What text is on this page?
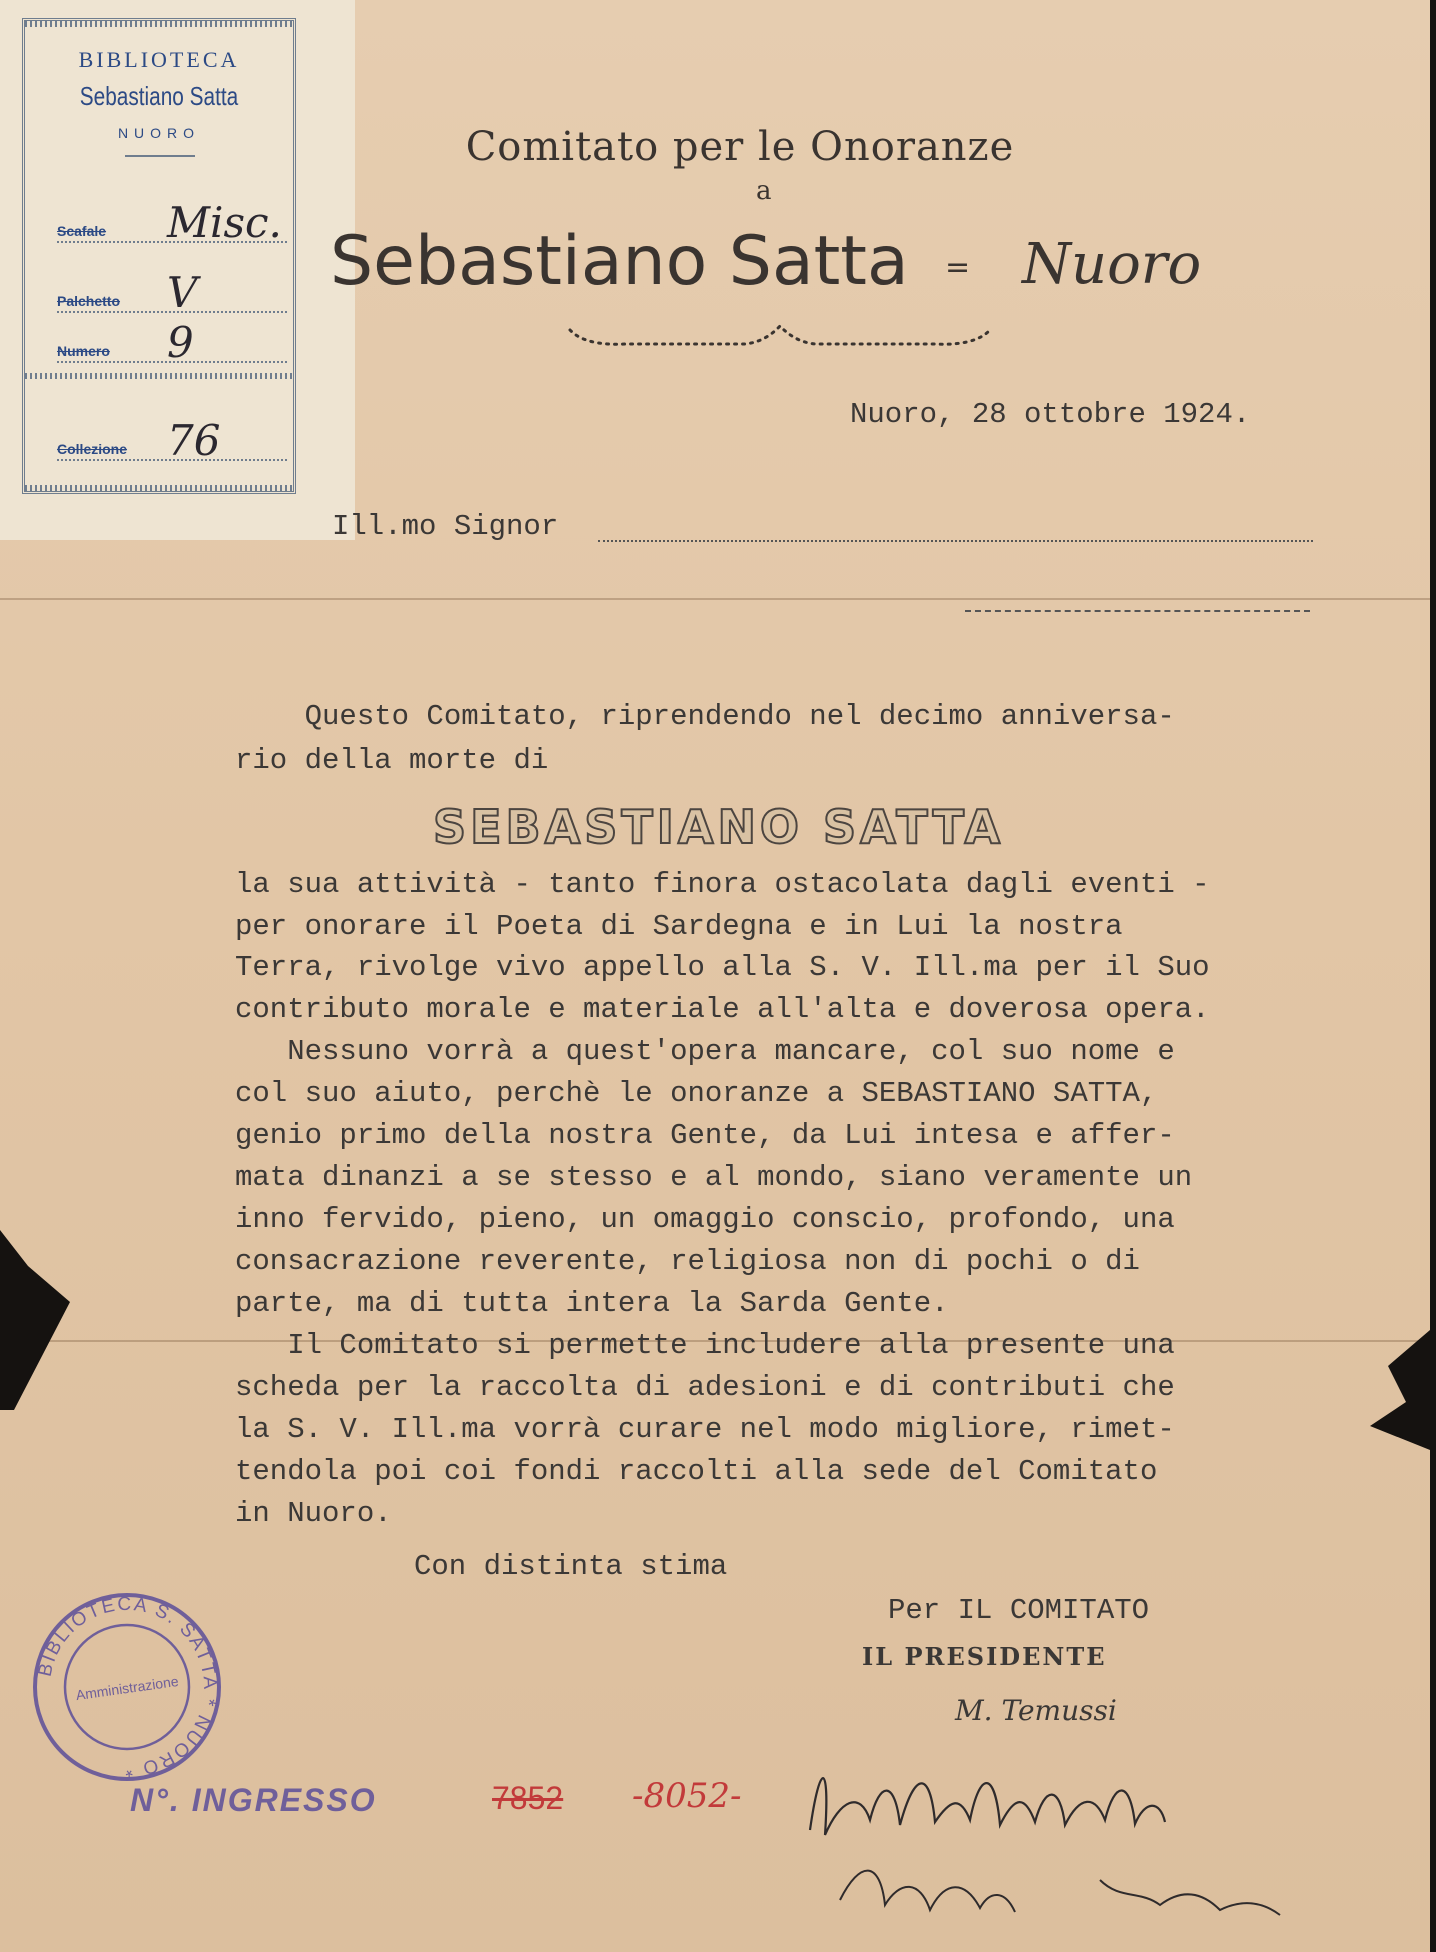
BIBLIOTECA
Sebastiano Satta
NUORO
Scafale Misc.
Palchetto V
Numero 9
Collezione 76
Comitato per le Onoranze
a
Sebastiano Satta = Nuoro
Nuoro, 28 ottobre 1924.
Ill.mo Signor
Questo Comitato, riprendendo nel decimo anniversa-
rio della morte di
SEBASTIANO SATTA
la sua attività - tanto finora ostacolata dagli eventi -
per onorare il Poeta di Sardegna e in Lui la nostra
Terra, rivolge vivo appello alla S. V. Ill.ma per il Suo
contributo morale e materiale all'alta e doverosa opera.
Nessuno vorrà a quest'opera mancare, col suo nome e
col suo aiuto, perchè le onoranze a SEBASTIANO SATTA,
genio primo della nostra Gente, da Lui intesa e affer-
mata dinanzi a se stesso e al mondo, siano veramente un
inno fervido, pieno, un omaggio conscio, profondo, una
consacrazione reverente, religiosa non di pochi o di
parte, ma di tutta intera la Sarda Gente.
Il Comitato si permette includere alla presente una
scheda per la raccolta di adesioni e di contributi che
la S. V. Ill.ma vorrà curare nel modo migliore, rimet-
tendola poi coi fondi raccolti alla sede del Comitato
in Nuoro.
Con distinta stima
Per IL COMITATO
IL PRESIDENTE
M. Temussi
BIBLIOTECA S. SATTA * NUORO *
Amministrazione
N°. INGRESSO	7852 -8052-
